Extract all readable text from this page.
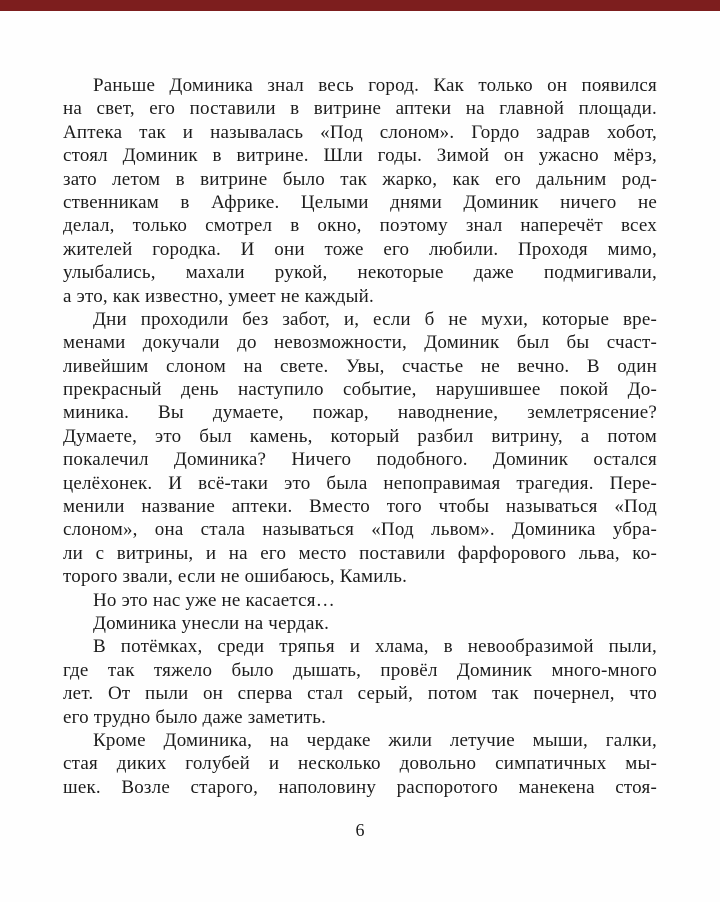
Раньше Доминика знал весь город. Как только он появился
на свет, его поставили в витрине аптеки на главной площади.
Аптека так и называлась «Под слоном». Гордо задрав хобот,
стоял Доминик в витрине. Шли годы. Зимой он ужасно мёрз,
зато летом в витрине было так жарко, как его дальним род-
ственникам в Африке. Целыми днями Доминик ничего не
делал, только смотрел в окно, поэтому знал наперечёт всех
жителей городка. И они тоже его любили. Проходя мимо,
улыбались, махали рукой, некоторые даже подмигивали,
а это, как известно, умеет не каждый.
Дни проходили без забот, и, если б не мухи, которые вре-
менами докучали до невозможности, Доминик был бы счаст-
ливейшим слоном на свете. Увы, счастье не вечно. В один
прекрасный день наступило событие, нарушившее покой До-
миника. Вы думаете, пожар, наводнение, землетрясение?
Думаете, это был камень, который разбил витрину, а потом
покалечил Доминика? Ничего подобного. Доминик остался
целёхонек. И всё-таки это была непоправимая трагедия. Пере-
менили название аптеки. Вместо того чтобы называться «Под
слоном», она стала называться «Под львом». Доминика убра-
ли с витрины, и на его место поставили фарфорового льва, ко-
торого звали, если не ошибаюсь, Камиль.
Но это нас уже не касается…
Доминика унесли на чердак.
В потёмках, среди тряпья и хлама, в невообразимой пыли,
где так тяжело было дышать, провёл Доминик много-много
лет. От пыли он сперва стал серый, потом так почернел, что
его трудно было даже заметить.
Кроме Доминика, на чердаке жили летучие мыши, галки,
стая диких голубей и несколько довольно симпатичных мы-
шек. Возле старого, наполовину распоротого манекена стоя-
6
